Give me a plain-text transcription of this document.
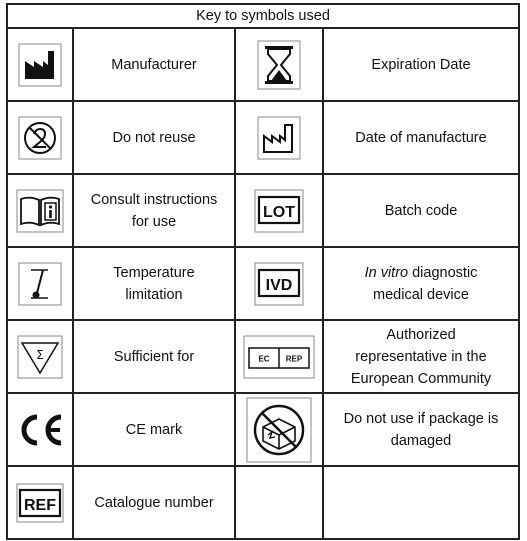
Key to symbols used			

	Manufacturer		Expiration Date

	Do not reuse		Date of manufacture

	Consult instructions
for use	LOT	Batch code

	Temperature
limitation	IVD	In vitro diagnostic
medical device

Σ	Sufficient for	EC REP	Authorized
representative in the
European Community

	CE mark		Do not use if package is
damaged

REF	Catalogue number		
